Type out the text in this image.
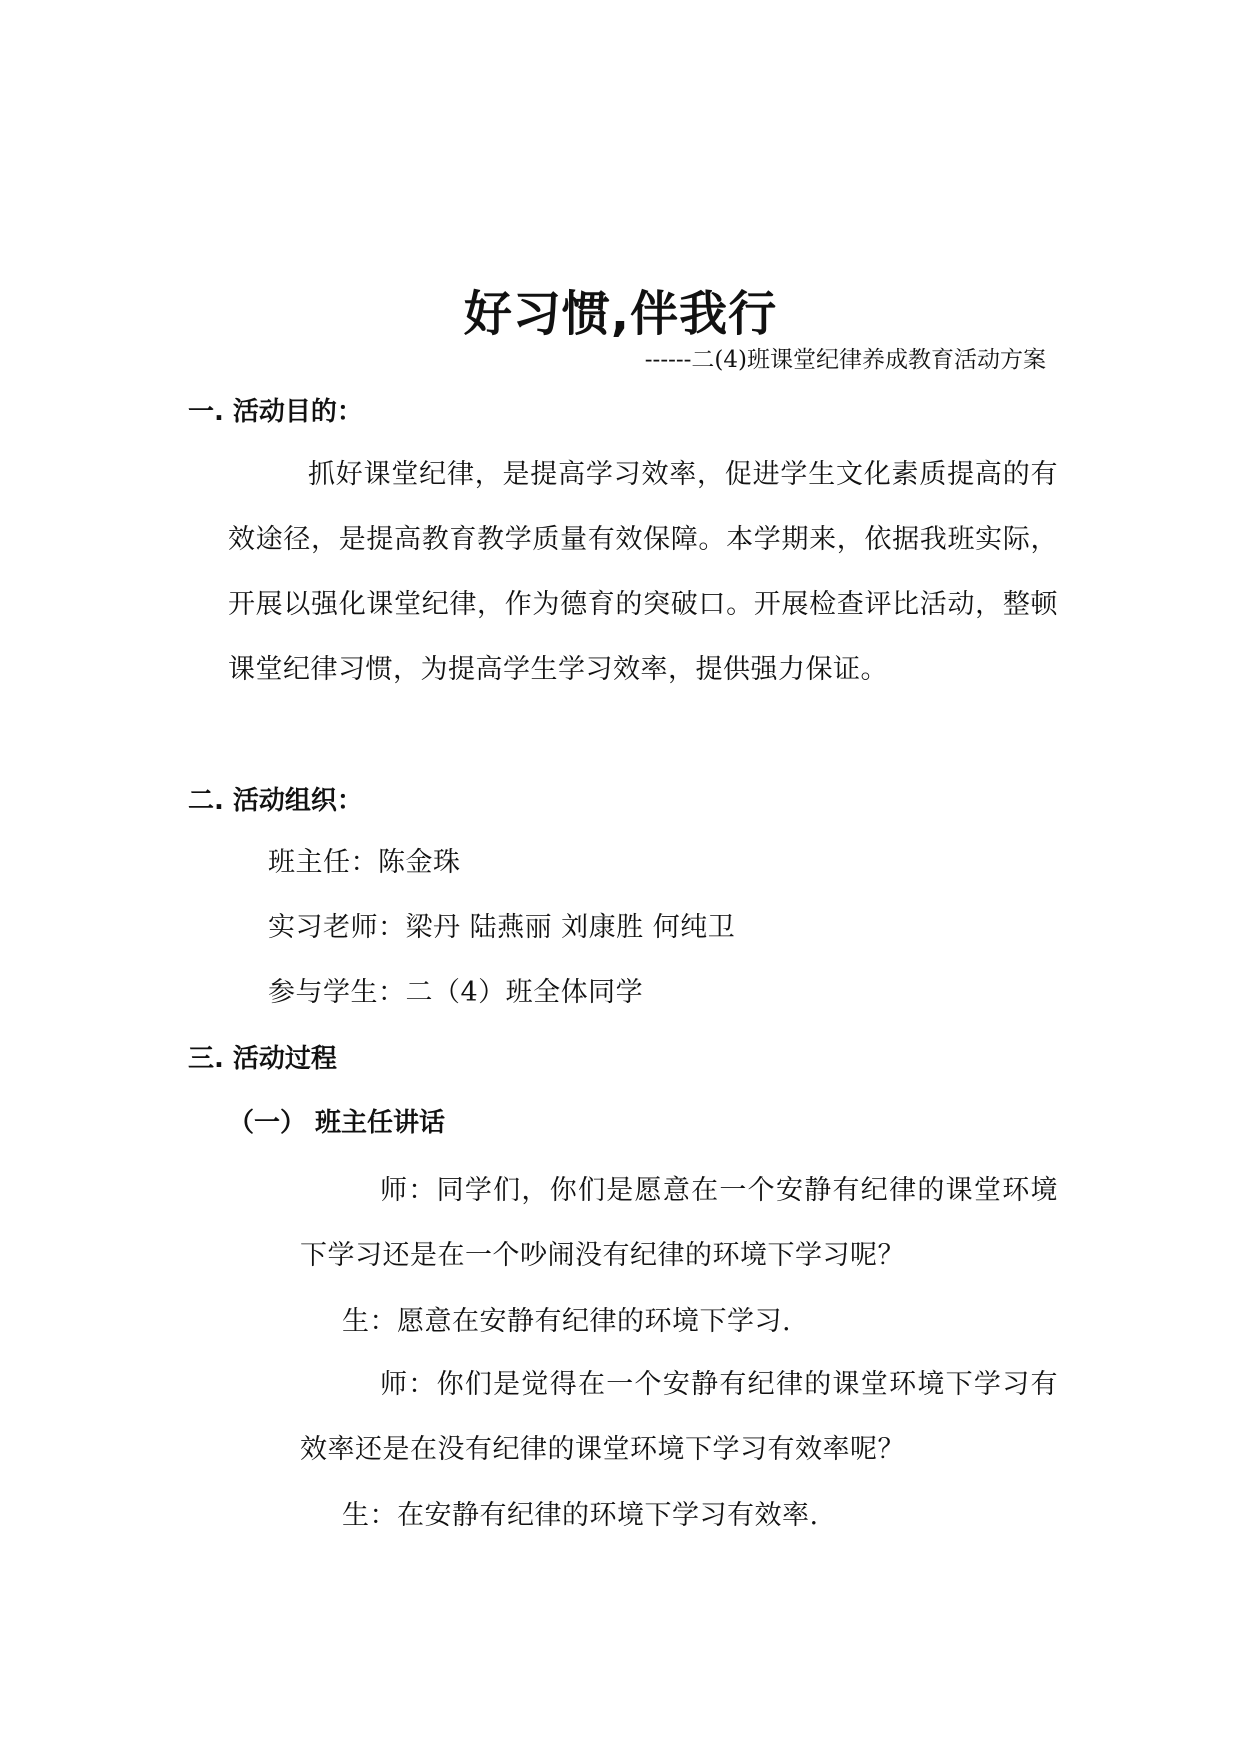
好习惯,伴我行
------二(4)班课堂纪律养成教育活动方案
一. 活动目的：
抓好课堂纪律，是提高学习效率，促进学生文化素质提高的有效途径，是提高教育教学质量有效保障。本学期来，依据我班实际，开展以强化课堂纪律，作为德育的突破口。开展检查评比活动，整顿课堂纪律习惯，为提高学生学习效率，提供强力保证。
二. 活动组织：
班主任：陈金珠
实习老师：梁丹 陆燕丽 刘康胜 何纯卫
参与学生：二（4）班全体同学
三. 活动过程
（一） 班主任讲话
师：同学们，你们是愿意在一个安静有纪律的课堂环境下学习还是在一个吵闹没有纪律的环境下学习呢？
生：愿意在安静有纪律的环境下学习.
师：你们是觉得在一个安静有纪律的课堂环境下学习有效率还是在没有纪律的课堂环境下学习有效率呢？
生：在安静有纪律的环境下学习有效率.
